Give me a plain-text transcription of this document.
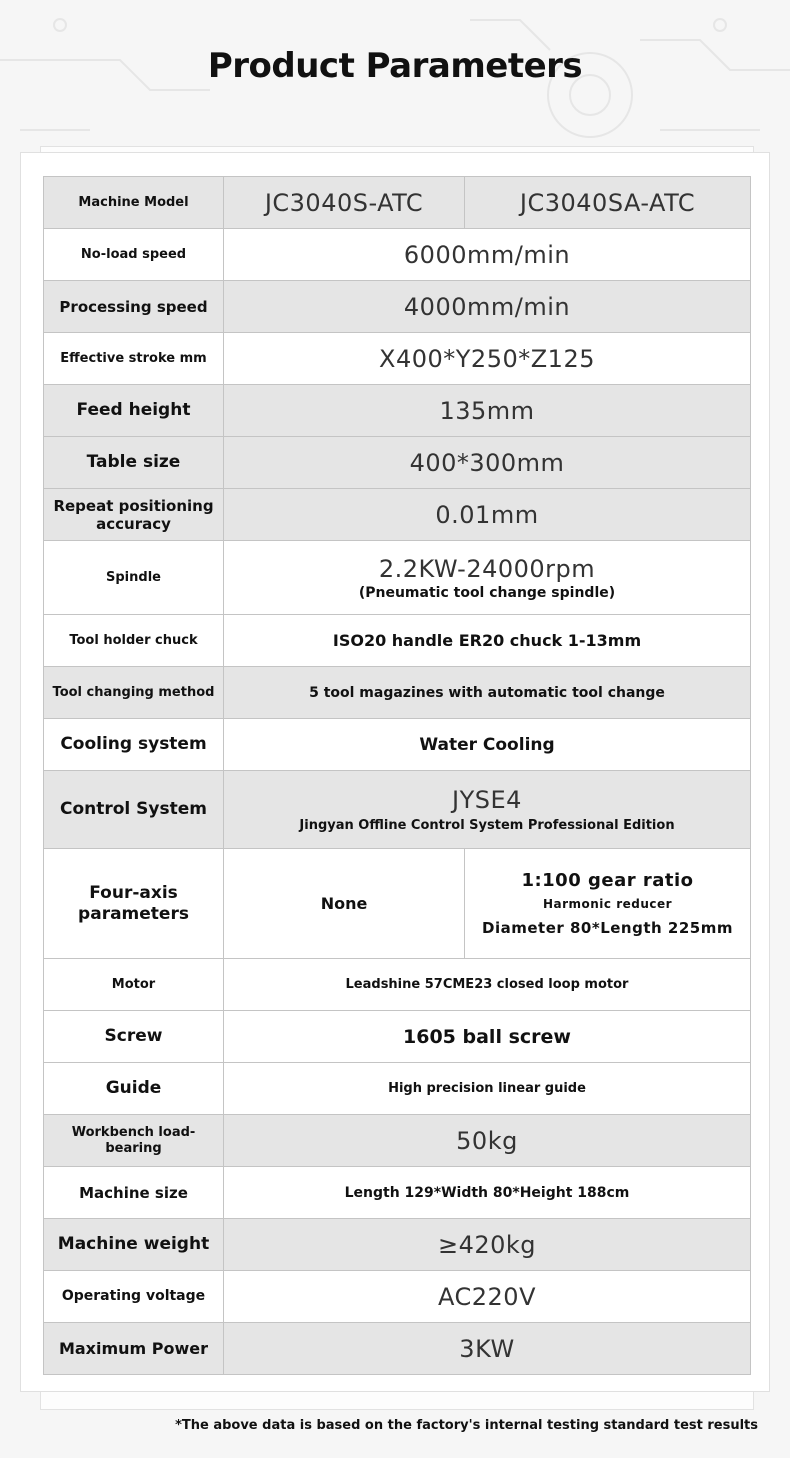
Product Parameters
Machine Model	JC3040S-ATC	JC3040SA-ATC
No-load speed	6000mm/min	
Processing speed	4000mm/min	
Effective stroke mm	X400*Y250*Z125	
Feed height	135mm	
Table size	400*300mm	
Repeat positioning accuracy	0.01mm	
Spindle	2.2KW-24000rpm
(Pneumatic tool change spindle)	

Tool holder chuck	ISO20 handle ER20 chuck 1-13mm	
Tool changing method	5 tool magazines with automatic tool change	
Cooling system	Water Cooling	
Control System	JYSE4
Jingyan Offline Control System Professional Edition	

Four-axis parameters	None	1:100 gear ratio
Harmonic reducer
Diameter 80*Length 225mm

Motor	Leadshine 57CME23 closed loop motor	
Screw	1605 ball screw	
Guide	High precision linear guide	
Workbench load-bearing	50kg	
Machine size	Length 129*Width 80*Height 188cm	
Machine weight	≥420kg	
Operating voltage	AC220V	
Maximum Power	3KW	
*The above data is based on the factory's internal testing standard test results
